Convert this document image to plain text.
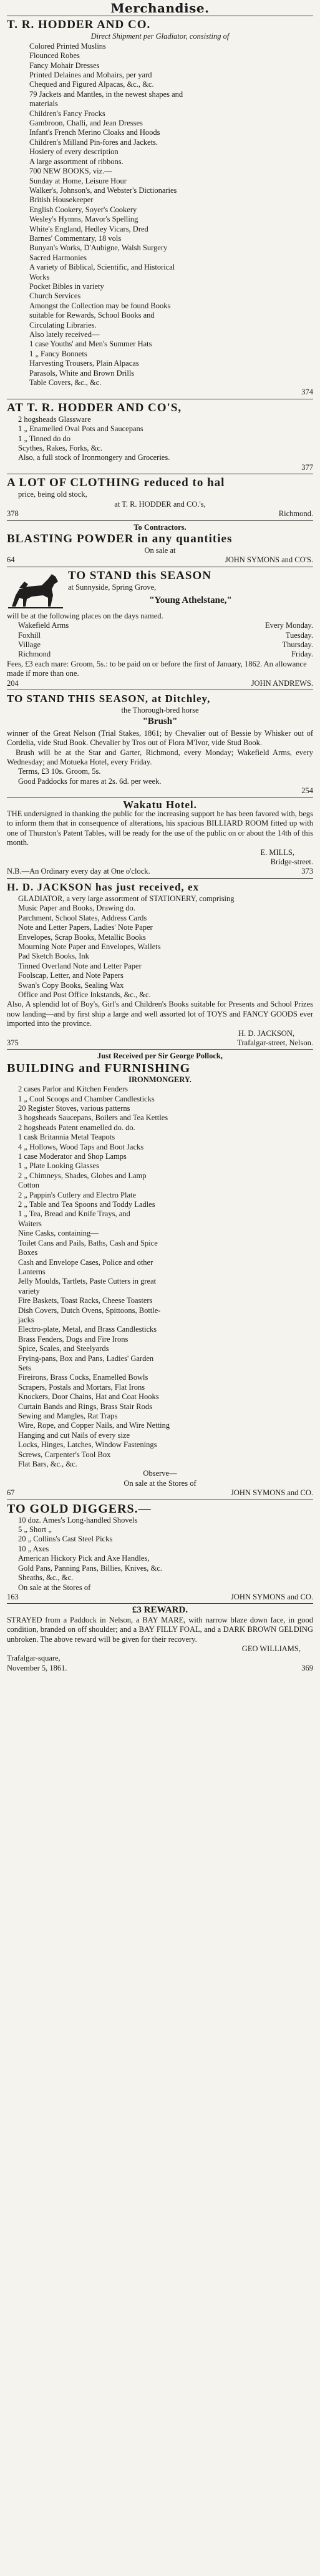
Merchandise.
T. R. HODDER AND CO.
Direct Shipment per Gladiator, consisting of
Colored Printed Muslins
Flounced Robes
Fancy Mohair Dresses
Printed Delaines and Mohairs, per yard
Chequed and Figured Alpacas, &c., &c.
79 Jackets and Mantles, in the newest shapes and
materials
Children's Fancy Frocks
Gambroon, Challi, and Jean Dresses
Infant's French Merino Cloaks and Hoods
Children's Milland Pin-fores and Jackets.
Hosiery of every description
A large assortment of ribbons.
700 NEW BOOKS, viz.—
Sunday at Home, Leisure Hour
Walker's, Johnson's, and Webster's Dictionaries
British Housekeeper
English Cookery, Soyer's Cookery
Wesley's Hymns, Mavor's Spelling
White's England, Hedley Vicars, Dred
Barnes' Commentary, 18 vols
Bunyan's Works, D'Aubigne, Walsh Surgery
Sacred Harmonies
A variety of Biblical, Scientific, and Historical
Works
Pocket Bibles in variety
Church Services
Amongst the Collection may be found Books
suitable for Rewards, School Books and
Circulating Libraries.
Also lately received—
1 case Youths' and Men's Summer Hats
1 „ Fancy Bonnets
Harvesting Trousers, Plain Alpacas
Parasols, White and Brown Drills
Table Covers, &c., &c.
374
AT T. R. HODDER AND CO'S,
2 hogsheads Glassware
1 „ Enamelled Oval Pots and Saucepans
1 „ Tinned do do
Scythes, Rakes, Forks, &c.
Also, a full stock of Ironmongery and Groceries.
377
A LOT OF CLOTHING reduced to hal
price, being old stock,
at T. R. HODDER and CO.'s,
378	Richmond.
To Contractors.
BLASTING POWDER in any quantities
On sale at
64	JOHN SYMONS and CO'S.
TO STAND this SEASON
at Sunnyside, Spring Grove,
"Young Athelstane,"
will be at the following places on the days named.
Wakefield Arms	Every Monday.
Foxhill	Tuesday.
Village	Thursday.
Richmond	Friday.
Fees, £3 each mare: Groom, 5s.: to be paid on or before the first of January, 1862. An allowance made if more than one.
204	JOHN ANDREWS.
TO STAND THIS SEASON, at Ditchley,
the Thorough-bred horse
"Brush"
winner of the Great Nelson (Trial Stakes, 1861; by Chevalier out of Bessie by Whisker out of Cordelia, vide Stud Book. Chevalier by Tros out of Flora M'Ivor, vide Stud Book.
Brush will be at the Star and Garter, Richmond, every Monday; Wakefield Arms, every Wednesday; and Motueka Hotel, every Friday.
Terms, £3 10s. Groom, 5s.
Good Paddocks for mares at 2s. 6d. per week.
254
Wakatu Hotel.
THE undersigned in thanking the public for the increasing support he has been favored with, begs to inform them that in consequence of alterations, his spacious BILLIARD ROOM fitted up with one of Thurston's Patent Tables, will be ready for the use of the public on or about the 14th of this month.
E. MILLS,
Bridge-street.
N.B.—An Ordinary every day at One o'clock.	373
H. D. JACKSON has just received, ex
GLADIATOR, a very large assortment of STATIONERY, comprising
Music Paper and Books, Drawing do.
Parchment, School Slates, Address Cards
Note and Letter Papers, Ladies' Note Paper
Envelopes, Scrap Books, Metallic Books
Mourning Note Paper and Envelopes, Wallets
Pad Sketch Books, Ink
Tinned Overland Note and Letter Paper
Foolscap, Letter, and Note Papers
Swan's Copy Books, Sealing Wax
Office and Post Office Inkstands, &c., &c.
Also, A splendid lot of Boy's, Girl's and Children's Books suitable for Presents and School Prizes now landing—and by first ship a large and well assorted lot of TOYS and FANCY GOODS ever imported into the province.
H. D. JACKSON,
375	Trafalgar-street, Nelson.
Just Received per Sir George Pollock,
BUILDING and FURNISHING
IRONMONGERY.
2 cases Parlor and Kitchen Fenders
1 „ Cool Scoops and Chamber Candlesticks
20 Register Stoves, various patterns
3 hogsheads Saucepans, Boilers and Tea Kettles
2 hogsheads Patent enamelled do. do.
1 cask Britannia Metal Teapots
4 „ Hollows, Wood Taps and Boot Jacks
1 case Moderator and Shop Lamps
1 „ Plate Looking Glasses
2 „ Chimneys, Shades, Globes and Lamp
Cotton
2 „ Pappin's Cutlery and Electro Plate
2 „ Table and Tea Spoons and Toddy Ladles
1 „ Tea, Bread and Knife Trays, and
Waiters
Nine Casks, containing—
Toilet Cans and Pails, Baths, Cash and Spice
Boxes
Cash and Envelope Cases, Police and other
Lanterns
Jelly Moulds, Tartlets, Paste Cutters in great
variety
Fire Baskets, Toast Racks, Cheese Toasters
Dish Covers, Dutch Ovens, Spittoons, Bottle-
jacks
Electro-plate, Metal, and Brass Candlesticks
Brass Fenders, Dogs and Fire Irons
Spice, Scales, and Steelyards
Frying-pans, Box and Pans, Ladies' Garden
Sets
Fireirons, Brass Cocks, Enamelled Bowls
Scrapers, Postals and Mortars, Flat Irons
Knockers, Door Chains, Hat and Coat Hooks
Curtain Bands and Rings, Brass Stair Rods
Sewing and Mangles, Rat Traps
Wire, Rope, and Copper Nails, and Wire Netting
Hanging and cut Nails of every size
Locks, Hinges, Latches, Window Fastenings
Screws, Carpenter's Tool Box
Flat Bars, &c., &c.
Observe—
On sale at the Stores of
67	JOHN SYMONS and CO.
TO GOLD DIGGERS.—
10 doz. Ames's Long-handled Shovels
5 „ Short „
20 „ Collins's Cast Steel Picks
10 „ Axes
American Hickory Pick and Axe Handles,
Gold Pans, Panning Pans, Billies, Knives, &c.
Sheaths, &c., &c.
On sale at the Stores of
163	JOHN SYMONS and CO.
£3 REWARD.
STRAYED from a Paddock in Nelson, a BAY MARE, with narrow blaze down face, in good condition, branded on off shoulder; and a BAY FILLY FOAL, and a DARK BROWN GELDING unbroken. The above reward will be given for their recovery.
GEO WILLIAMS,
Trafalgar-square,
November 5, 1861.	369
